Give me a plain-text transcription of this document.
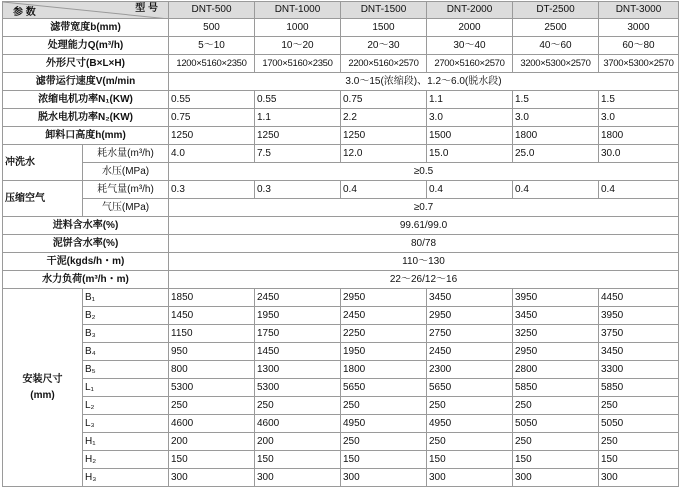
参 数 型 号		DNT-500	DNT-1000	DNT-1500	DNT-2000	DT-2500	DNT-3000
滤带宽度b(mm)		500	1000	1500	2000	2500	3000
处理能力Q(m³/h)		5～10	10～20	20～30	30～40	40～60	60～80
外形尺寸(B×L×H)		1200×5160×2350	1700×5160×2350	2200×5160×2570	2700×5160×2570	3200×5300×2570	3700×5300×2570
滤带运行速度V(m/min		3.0～15(浓缩段)、1.2～6.0(脱水段)					
浓缩电机功率N₁(KW)		0.55	0.55	0.75	1.1	1.5	1.5
脱水电机功率N₂(KW)		0.75	1.1	2.2	3.0	3.0	3.0
卸料口高度h(mm)		1250	1250	1250	1500	1800	1800
冲洗水	耗水量(m³/h)	4.0	7.5	12.0	15.0	25.0	30.0
	水压(MPa)	≥0.5					
压缩空气	耗气量(m³/h)	0.3	0.3	0.4	0.4	0.4	0.4
	气压(MPa)	≥0.7					
进料含水率(%)		99.61/99.0					
泥饼含水率(%)		80/78					
干泥(kgds/h・m)		110～130					
水力负荷(m³/h・m)		22～26/12～16					

安装尺寸
(mm)	B₁	1850	2450	2950	3450	3950	4450
	B₂	1450	1950	2450	2950	3450	3950
	B₃	1150	1750	2250	2750	3250	3750
	B₄	950	1450	1950	2450	2950	3450
	B₅	800	1300	1800	2300	2800	3300
	L₁	5300	5300	5650	5650	5850	5850
	L₂	250	250	250	250	250	250
	L₃	4600	4600	4950	4950	5050	5050
	H₁	200	200	250	250	250	250
	H₂	150	150	150	150	150	150
	H₃	300	300	300	300	300	300
